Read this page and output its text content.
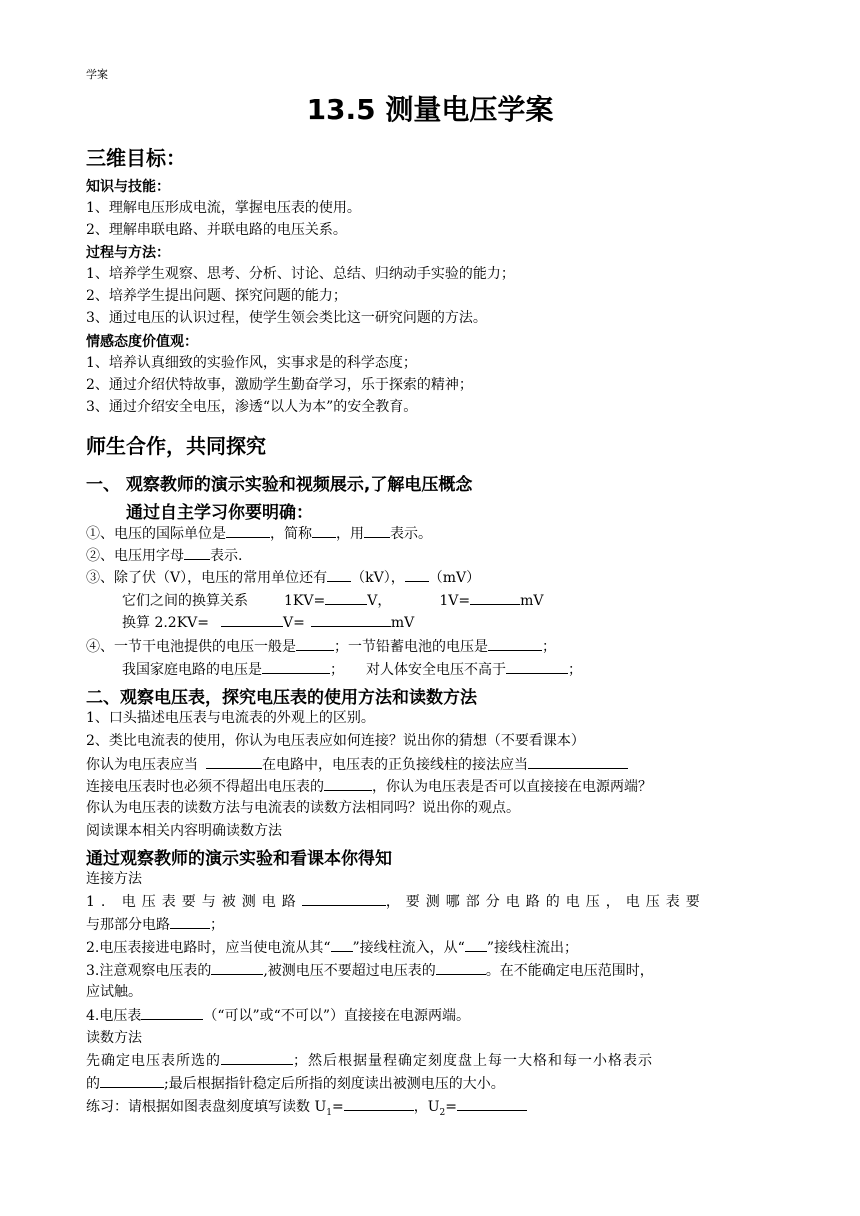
学案
13.5 测量电压学案
三维目标：
知识与技能：
1、理解电压形成电流，掌握电压表的使用。
2、理解串联电路、并联电路的电压关系。
过程与方法：
1、培养学生观察、思考、分析、讨论、总结、归纳动手实验的能力；
2、培养学生提出问题、探究问题的能力；
3、通过电压的认识过程，使学生领会类比这一研究问题的方法。
情感态度价值观：
1、培养认真细致的实验作风，实事求是的科学态度；
2、通过介绍伏特故事，激励学生勤奋学习，乐于探索的精神；
3、通过介绍安全电压，渗透“以人为本”的安全教育。
师生合作，共同探究
一、 观察教师的演示实验和视频展示,了解电压概念
通过自主学习你要明确：
①、电压的国际单位是	，简称 ，用 表示。
②、电压用字母 表示.
③、除了伏（V），电压的常用单位还有 （kV）， （mV）
它们之间的换算关系	1KV=	V，	1V=	mV
换算 2.2KV=	V=	mV
④、一节干电池提供的电压一般是	；一节铅蓄电池的电压是	；
我国家庭电路的电压是	； 对人体安全电压不高于	；
二、观察电压表，探究电压表的使用方法和读数方法
1、口头描述电压表与电流表的外观上的区别。
2、类比电流表的使用，你认为电压表应如何连接？说出你的猜想（不要看课本）
你认为电压表应当	在电路中，电压表的正负接线柱的接法应当
连接电压表时也必须不得超出电压表的	，你认为电压表是否可以直接接在电源两端？
你认为电压表的读数方法与电流表的读数方法相同吗？说出你的观点。
阅读课本相关内容明确读数方法
通过观察教师的演示实验和看课本你得知
连接方法
1. 电压表要与被测电路	，要测哪部分电路的电压，电压表要
与那部分电路	；
2.电压表接进电路时，应当使电流从其“ ”接线柱流入，从“ ”接线柱流出；
3.注意观察电压表的	,被测电压不要超过电压表的	。在不能确定电压范围时，
应试触。
4.电压表	（“可以”或“不可以”）直接接在电源两端。
读数方法
先确定电压表所选的	；然后根据量程确定刻度盘上每一大格和每一小格表示
的	;最后根据指针稳定后所指的刻度读出被测电压的大小。
练习：请根据如图表盘刻度填写读数 $U_1=$	，$U_2=$
